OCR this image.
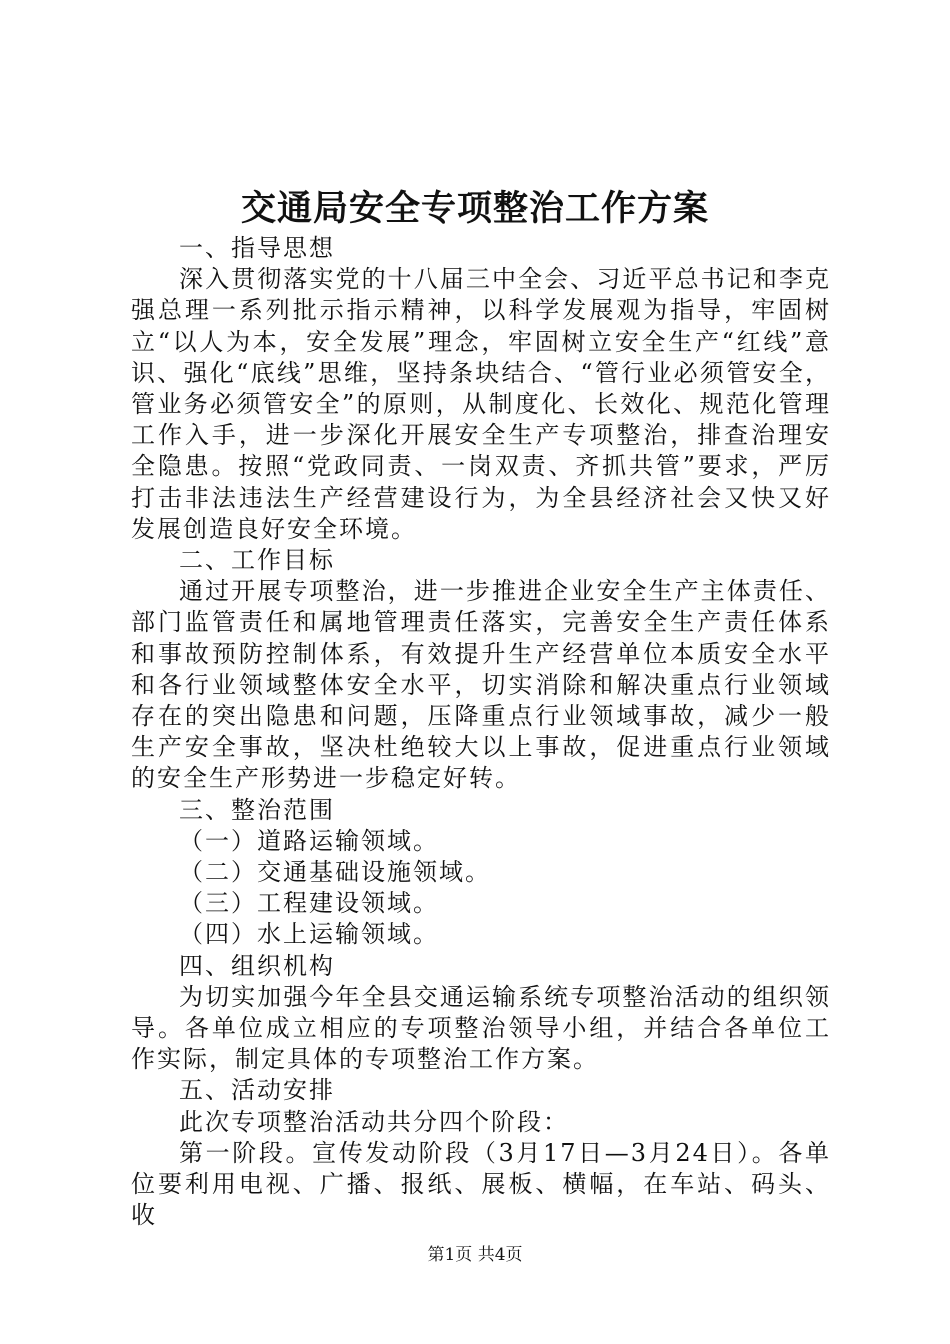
交通局安全专项整治工作方案

一、指导思想

深入贯彻落实党的十八届三中全会、习近平总书记和李克强总理一系列批示指示精神，以科学发展观为指导，牢固树立“以人为本，安全发展”理念，牢固树立安全生产“红线”意识、强化“底线”思维，坚持条块结合、“管行业必须管安全，管业务必须管安全”的原则，从制度化、长效化、规范化管理工作入手，进一步深化开展安全生产专项整治，排查治理安全隐患。按照“党政同责、一岗双责、齐抓共管”要求，严厉打击非法违法生产经营建设行为，为全县经济社会又快又好发展创造良好安全环境。

二、工作目标

通过开展专项整治，进一步推进企业安全生产主体责任、部门监管责任和属地管理责任落实，完善安全生产责任体系和事故预防控制体系，有效提升生产经营单位本质安全水平和各行业领域整体安全水平，切实消除和解决重点行业领域存在的突出隐患和问题，压降重点行业领域事故，减少一般生产安全事故，坚决杜绝较大以上事故，促进重点行业领域的安全生产形势进一步稳定好转。

三、整治范围

（一）道路运输领域。

（二）交通基础设施领域。

（三）工程建设领域。

（四）水上运输领域。

四、组织机构

为切实加强今年全县交通运输系统专项整治活动的组织领导。各单位成立相应的专项整治领导小组，并结合各单位工作实际，制定具体的专项整治工作方案。

五、活动安排

此次专项整治活动共分四个阶段：

第一阶段。宣传发动阶段（3月17日—3月24日）。各单位要利用电视、广播、报纸、展板、横幅，在车站、码头、收

第1页 共4页
